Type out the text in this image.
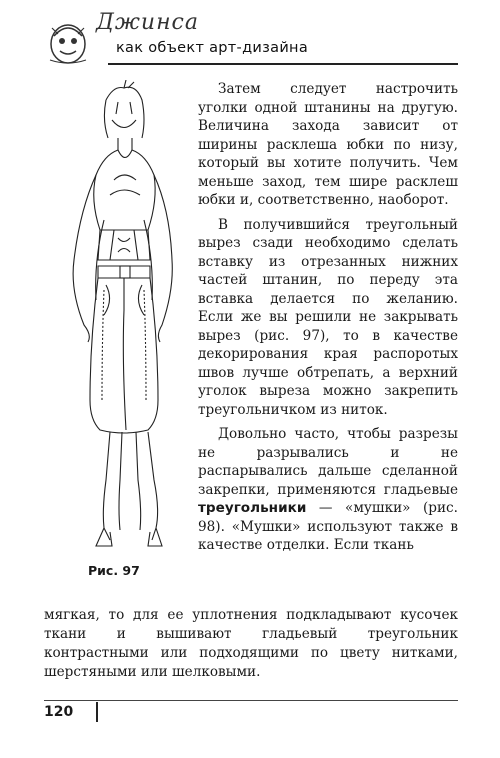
Джинса
как объект арт-дизайна
Рис. 97

Затем следует настрочить уголки одной штанины на другую. Величина захода зависит от ширины расклеша юбки по низу, который вы хотите получить. Чем меньше заход, тем шире расклеш юбки и, соответственно, наоборот.

В получившийся треугольный вырез сзади необходимо сделать вставку из отрезанных нижних частей штанин, по переду эта вставка делается по желанию. Если же вы решили не закрывать вырез (рис. 97), то в качестве декорирования края распоротых швов лучше обтрепать, а верхний уголок выреза можно закрепить треугольничком из ниток.

Довольно часто, чтобы разрезы не разрывались и не распарывались дальше сделанной закрепки, применяются гладьевые треугольники — «мушки» (рис. 98). «Мушки» используют также в качестве отделки. Если ткань

мягкая, то для ее уплотнения подкладывают кусочек ткани и вышивают гладьевый треугольник контрастными или подходящими по цвету нитками, шерстяными или шелковыми.
120
